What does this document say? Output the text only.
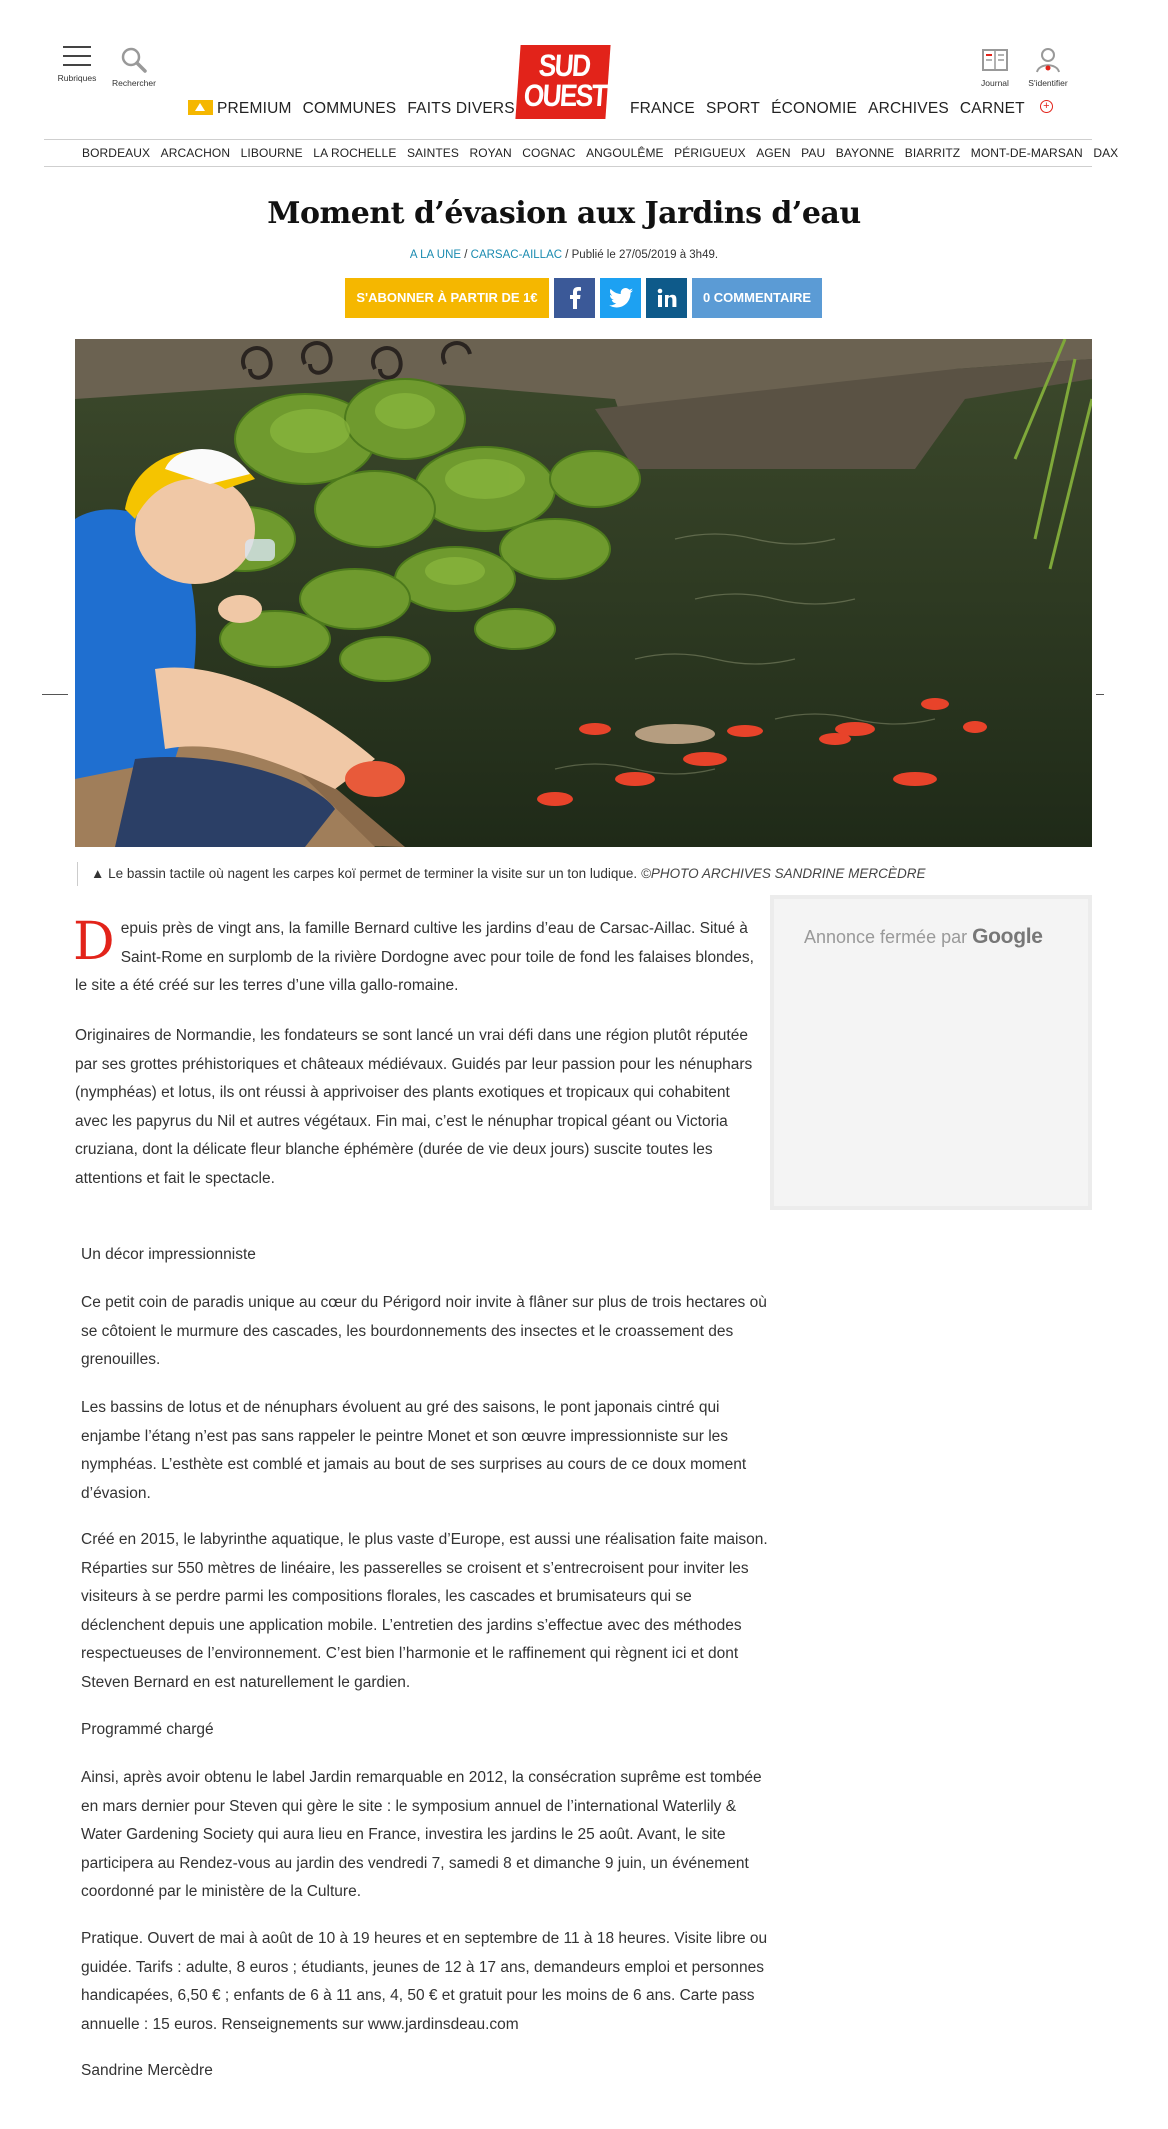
Rubriques	Rechercher	SUD
OUEST	Journal	S'identifier
PREMIUM COMMUNES FAITS DIVERS	FRANCE SPORT ÉCONOMIE ARCHIVES CARNET +
BORDEAUX ARCACHON LIBOURNE LA ROCHELLE SAINTES ROYAN COGNAC ANGOULÊME PÉRIGUEUX AGEN PAU BAYONNE BIARRITZ MONT-DE-MARSAN DAX
Moment d’évasion aux Jardins d’eau
A LA UNE / CARSAC-AILLAC / Publié le 27/05/2019 à 3h49.
S'ABONNER À PARTIR DE 1€	0 COMMENTAIRE
▲ Le bassin tactile où nagent les carpes koï permet de terminer la visite sur un ton ludique. ©PHOTO ARCHIVES SANDRINE MERCÈDRE

Depuis près de vingt ans, la famille Bernard cultive les jardins d’eau de Carsac-Aillac. Situé à Saint-Rome en surplomb de la rivière Dordogne avec pour toile de fond les falaises blondes, le site a été créé sur les terres d’une villa gallo-romaine.

Originaires de Normandie, les fondateurs se sont lancé un vrai défi dans une région plutôt réputée par ses grottes préhistoriques et châteaux médiévaux. Guidés par leur passion pour les nénuphars (nymphéas) et lotus, ils ont réussi à apprivoiser des plants exotiques et tropicaux qui cohabitent avec les papyrus du Nil et autres végétaux. Fin mai, c’est le nénuphar tropical géant ou Victoria cruziana, dont la délicate fleur blanche éphémère (durée de vie deux jours) suscite toutes les attentions et fait le spectacle.
Annonce fermée par Google
Un décor impressionniste
Ce petit coin de paradis unique au cœur du Périgord noir invite à flâner sur plus de trois hectares où se côtoient le murmure des cascades, les bourdonnements des insectes et le croassement des grenouilles.
Les bassins de lotus et de nénuphars évoluent au gré des saisons, le pont japonais cintré qui enjambe l’étang n’est pas sans rappeler le peintre Monet et son œuvre impressionniste sur les nymphéas. L’esthète est comblé et jamais au bout de ses surprises au cours de ce doux moment d’évasion.
Créé en 2015, le labyrinthe aquatique, le plus vaste d’Europe, est aussi une réalisation faite maison. Réparties sur 550 mètres de linéaire, les passerelles se croisent et s’entrecroisent pour inviter les visiteurs à se perdre parmi les compositions florales, les cascades et brumisateurs qui se déclenchent depuis une application mobile. L’entretien des jardins s’effectue avec des méthodes respectueuses de l’environnement. C’est bien l’harmonie et le raffinement qui règnent ici et dont Steven Bernard en est naturellement le gardien.
Programmé chargé
Ainsi, après avoir obtenu le label Jardin remarquable en 2012, la consécration suprême est tombée en mars dernier pour Steven qui gère le site : le symposium annuel de l’international Waterlily & Water Gardening Society qui aura lieu en France, investira les jardins le 25 août. Avant, le site participera au Rendez-vous au jardin des vendredi 7, samedi 8 et dimanche 9 juin, un événement coordonné par le ministère de la Culture.
Pratique. Ouvert de mai à août de 10 à 19 heures et en septembre de 11 à 18 heures. Visite libre ou guidée. Tarifs : adulte, 8 euros ; étudiants, jeunes de 12 à 17 ans, demandeurs emploi et personnes handicapées, 6,50 € ; enfants de 6 à 11 ans, 4, 50 € et gratuit pour les moins de 6 ans. Carte pass annuelle : 15 euros. Renseignements sur www.jardinsdeau.com
Sandrine Mercèdre
